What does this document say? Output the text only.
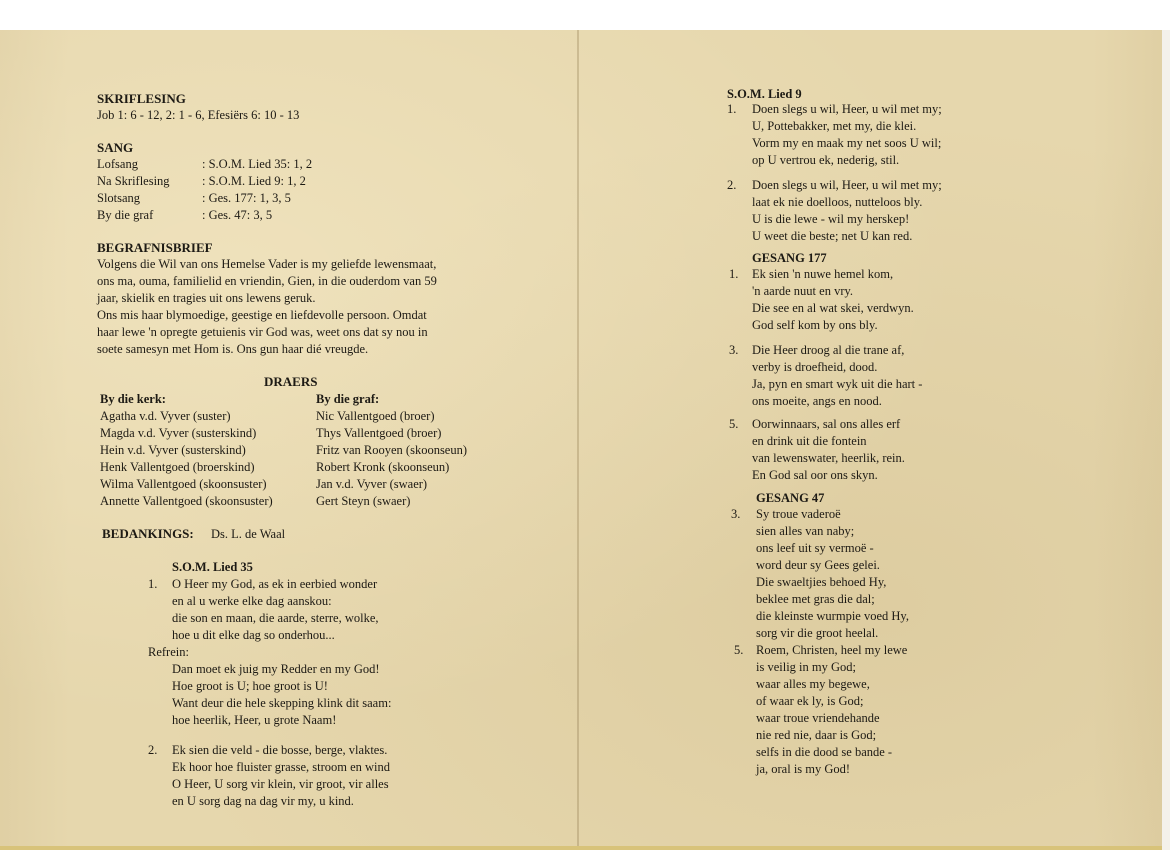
SKRIFLESING
Job 1: 6 - 12, 2: 1 - 6, Efesiërs 6: 10 - 13
SANG
Lofsang
Na Skriflesing
Slotsang
By die graf
: S.O.M. Lied 35: 1, 2
: S.O.M. Lied 9: 1, 2
: Ges. 177: 1, 3, 5
: Ges. 47: 3, 5
BEGRAFNISBRIEF
Volgens die Wil van ons Hemelse Vader is my geliefde lewensmaat,
ons ma, ouma, familielid en vriendin, Gien, in die ouderdom van 59
jaar, skielik en tragies uit ons lewens geruk.
Ons mis haar blymoedige, geestige en liefdevolle persoon. Omdat
haar lewe 'n opregte getuienis vir God was, weet ons dat sy nou in
soete samesyn met Hom is. Ons gun haar dié vreugde.
DRAERS
By die kerk:	By die graf:
Agatha v.d. Vyver (suster)
Magda v.d. Vyver (susterskind)
Hein v.d. Vyver (susterskind)
Henk Vallentgoed (broerskind)
Wilma Vallentgoed (skoonsuster)
Annette Vallentgoed (skoonsuster)
Nic Vallentgoed (broer)
Thys Vallentgoed (broer)
Fritz van Rooyen (skoonseun)
Robert Kronk (skoonseun)
Jan v.d. Vyver (swaer)
Gert Steyn (swaer)
BEDANKINGS: Ds. L. de Waal
S.O.M. Lied 35
1. O Heer my God, as ek in eerbied wonder
en al u werke elke dag aanskou:
die son en maan, die aarde, sterre, wolke,
hoe u dit elke dag so onderhou...
Refrein:
Dan moet ek juig my Redder en my God!
Hoe groot is U; hoe groot is U!
Want deur die hele skepping klink dit saam:
hoe heerlik, Heer, u grote Naam!
2. Ek sien die veld - die bosse, berge, vlaktes.
Ek hoor hoe fluister grasse, stroom en wind
O Heer, U sorg vir klein, vir groot, vir alles
en U sorg dag na dag vir my, u kind.
S.O.M. Lied 9
1. Doen slegs u wil, Heer, u wil met my;
U, Pottebakker, met my, die klei.
Vorm my en maak my net soos U wil;
op U vertrou ek, nederig, stil.
2. Doen slegs u wil, Heer, u wil met my;
laat ek nie doelloos, nutteloos bly.
U is die lewe - wil my herskep!
U weet die beste; net U kan red.
GESANG 177
1. Ek sien 'n nuwe hemel kom,
'n aarde nuut en vry.
Die see en al wat skei, verdwyn.
God self kom by ons bly.
3. Die Heer droog al die trane af,
verby is droefheid, dood.
Ja, pyn en smart wyk uit die hart -
ons moeite, angs en nood.
5. Oorwinnaars, sal ons alles erf
en drink uit die fontein
van lewenswater, heerlik, rein.
En God sal oor ons skyn.
GESANG 47
3. Sy troue vaderoë
sien alles van naby;
ons leef uit sy vermoë -
word deur sy Gees gelei.
Die swaeltjies behoed Hy,
beklee met gras die dal;
die kleinste wurmpie voed Hy,
sorg vir die groot heelal.
5. Roem, Christen, heel my lewe
is veilig in my God;
waar alles my begewe,
of waar ek ly, is God;
waar troue vriendehande
nie red nie, daar is God;
selfs in die dood se bande -
ja, oral is my God!
